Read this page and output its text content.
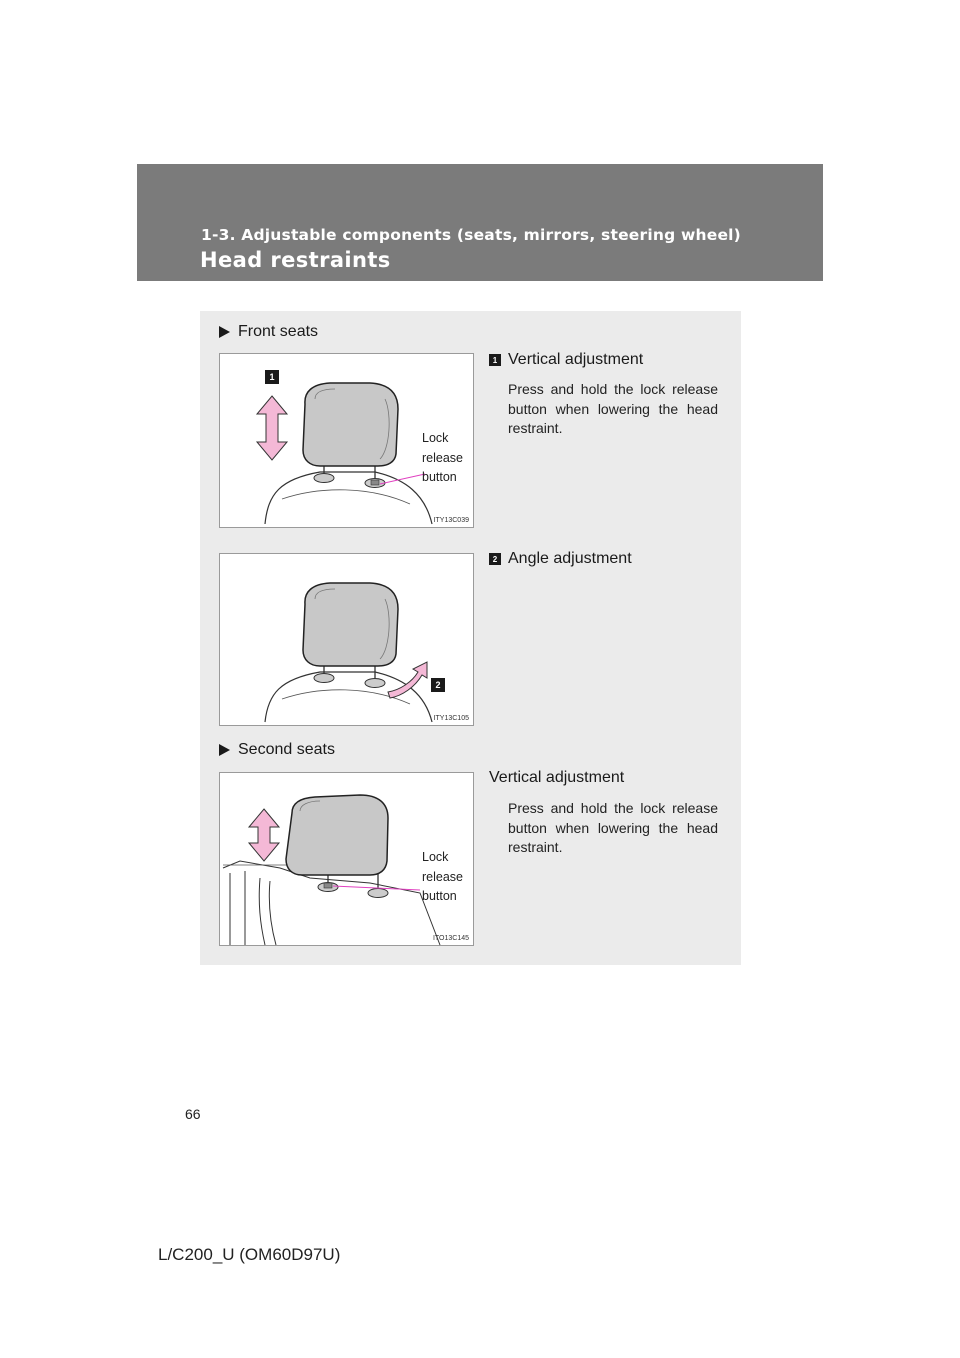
1-3. Adjustable components (seats, mirrors, steering wheel)
Head restraints
Front seats
1
Lock
release
button
ITY13C039
1 Vertical adjustment
Press and hold the lock release button when lowering the head restraint.
2
ITY13C105
2 Angle adjustment
Second seats
Lock
release
button
ITO13C145
Vertical adjustment
Press and hold the lock release button when lowering the head restraint.
66
L/C200_U (OM60D97U)
